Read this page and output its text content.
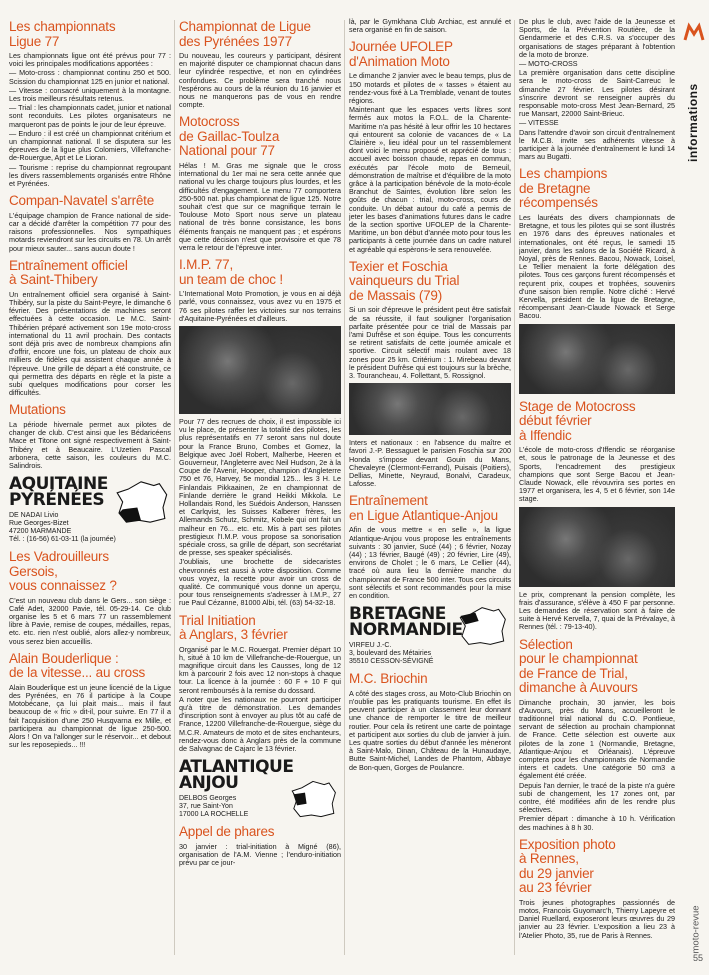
Les championnats
Ligue 77

Les championnats ligue ont été prévus pour 77 : voici les principales modifications apportées :

— Moto-cross : championnat continu 250 et 500. Scission du championnat 125 en junior et national.

— Vitesse : consacré uniquement à la montagne. Les trois meilleurs résultats retenus.

— Trial : les championnats cadet, junior et national sont reconduits. Les pilotes organisateurs ne marqueront pas de points le jour de leur épreuve.

— Enduro : il est créé un championnat critérium et un championnat national. Il se disputera sur les épreuves de la ligue plus Colomiers, Villefranche-de-Rouergue, Apt et Le Lioran.

— Tourisme : reprise du championnat regroupant les divers rassemblements organisés entre Rhône et Pyrénées.

Compan-Navatel s'arrête

L'équipage champion de France national de side-car a décidé d'arrêter la compétition 77 pour des raisons professionnelles. Nos sympathiques motards reviendront sur les circuits en 78. Un arrêt pour mieux sauter... sans aucun doute !

Entraînement officiel
à Saint-Thibery

Un entraînement officiel sera organisé à Saint-Thibéry, sur la piste du Saint-Peyre, le dimanche 6 février. Des présentations de machines seront effectuées à cette occasion. Le M.C. Saint-Thibérien préparé activement son 19e moto-cross international du 11 avril prochain. Des contacts sont déjà pris avec de nombreux champions afin d'offrir, encore une fois, un plateau de choix aux milliers de fidèles qui assistent chaque année à l'épreuve. Une grille de départ a été construite, ce qui permettra des départs en règle et la piste a subi quelques modifications pour corser les difficultés.

Mutations

La période hivernale permet aux pilotes de changer de club. C'est ainsi que les Bédaricéens Mace et Titone ont signé respectivement à Saint-Thibéry et à Beaucaire. L'Uzetien Pascal arbonera, cette saison, les couleurs du M.C. Salindrois.

AQUITAINE
PYRÉNÉES
DE NADAI Livio
Rue Georges-Bizet
47200 MARMANDE
Tél. : (16-56) 61-03-11 (la journée)
Les Vadrouilleurs
Gersois,
vous connaissez ?

C'est un nouveau club dans le Gers... son siège : Café Adet, 32000 Pavie, tél. 05-29-14. Ce club organise les 5 et 6 mars 77 un rassemblement libre à Pavie, remise de coupes, médailles, repas, etc. etc. rien n'est oublié, alors allez-y nombreux, vous serez bien accueillis.

Alain Bouderlique :
de la vitesse... au cross

Alain Bouderlique est un jeune licencié de la Ligue des Pyrénées, en 76 il participe à la Coupe Motobécane, ça lui plait mais... mais il faut beaucoup de « fric » dit-il, pour suivre. En 77 il a fait l'acquisition d'une 250 Husqvarna ex Mille, et participera au championnat de ligue 250-500. Alors ! On va l'allonger sur le réservoir... et debout sur les reposepieds... !!!

Championnat de Ligue
des Pyrénées 1977

Du nouveau, les coureurs y participant, désirent en majorité disputer ce championnat chacun dans leur cylindrée respective, et non en cylindrées confondues. Ce problème sera tranché nous l'espérons au cours de la réunion du 16 janvier et nous ne manquerons pas de vous en rendre compte.

Motocross
de Gaillac-Toulza
National pour 77

Hélas ! M. Gras me signale que le cross international du 1er mai ne sera cette année que national vu les charge toujours plus lourdes, et les difficultés d'engagement. Le menu 77 comportera 250-500 nat. plus championnat de ligue 125. Notre souhait c'est que sur ce magnifique terrain le Toulouse Moto Sport nous serve un plateau national de très bonne consistance, les bons éléments français ne manquent pas ; et espérons que cette décision n'est que provisoire et que 78 verra le retour de l'épreuve inter.

I.M.P. 77,
un team de choc !

L'International Moto Promotion, je vous en ai déjà parlé, vous connaissez, vous avez vu en 1975 et 76 ses pilotes raffer les victoires sur nos terrains d'Aquitaine-Pyrénées et d'ailleurs.

Pour 77 des recrues de choix, il est impossible ici vu le place, de présenter la totalité des pilotes, les plus représentatifs en 77 seront sans nul doute pour la France Bruno, Combes et Gomez, la Belgique avec Joël Robert, Malherbe, Heeren et Gouverneur, l'Angleterre avec Neil Hudson, 2e à la Coupe de l'Avenir, Hooper, champion d'Angleterre 750 et 76, Harvey, 5e mondial 125... les 3 H. Le Finlandais Pikkaainen, 2e en championnat de Finlande derrière le grand Heikki Mikkola. Le Hollandais Rond, les Suédois Anderson, Hanssen et Carlqvist, les Suisses Kalberer frères, les Allemands Schutz, Schmitz, Kobele qui ont fait un malheur en 76... etc. etc. Mis à part ses pilotes prestigieux l'I.M.P. vous propose sa sonorisation spéciale cross, sa grille de départ, son secrétariat de presse, ses speaker spécialisés.

J'oubliais, une brochette de sidecaristes chevronnés est aussi à votre disposition. Comme vous voyez, la recette pour avoir un cross de qualité. Ce communiqué vous donne un aperçu, pour tous renseignements s'adresser à I.M.P., 27 rue Paul Cézanne, 81000 Albi, tél. (63) 54-32-18.

Trial Initiation
à Anglars, 3 février

Organisé par le M.C. Rouergat. Premier départ 10 h, situé à 10 km de Villefranche-de-Rouergue, un magnifique circuit dans les Causses, long de 12 km à parcourir 2 fois avec 12 non-stops à chaque tour. La licence à la journée : 60 F + 10 F qui seront remboursés à la remise du dossard.

A noter que les nationaux ne pourront participer qu'à titre de démonstration. Les demandes d'inscription sont à envoyer au plus tôt au café de France, 12200 Villefranche-de-Rouergue, siège du M.C.R. Amateurs de moto et de sites enchanteurs, rendez-vous donc à Anglars près de la commune de Salvagnac de Cajarc le 13 février.

ATLANTIQUE
ANJOU
DELBOS Georges
37, rue Saint-Yon
17000 LA ROCHELLE
Appel de phares

30 janvier : trial-initiation à Migné (86), organisation de l'A.M. Vienne ; l'enduro-initiation prévu par ce jour-

là, par le Gymkhana Club Archiac, est annulé et sera organisé en fin de saison.

Journée UFOLEP
d'Animation Moto

Le dimanche 2 janvier avec le beau temps, plus de 150 motards et pilotes de « tasses » étaient au rendez-vous fixé à La Tremblade, venant de toutes régions.

Maintenant que les espaces verts libres sont fermés aux motos la F.O.L. de la Charente-Maritime n'a pas hésité à leur offrir les 10 hectares qui entourent sa colonie de vacances de « La Clairière », lieu idéal pour un tel rassemblement dont voici le menu proposé et apprécié de tous : accueil avec boisson chaude, repas en commun, exécutés par l'école moto de Berneuil, démonstration de maîtrise et d'équilibre de la moto grâce à la participation bénévole de la moto-école Branchut de Saintes, évolution libre selon les goûts de chacun : trial, moto-cross, cours de conduite. Un débat autour du café a permis de jeter les bases d'animations futures dans le cadre de la section sportive UFOLEP de la Charente-Maritime, un bon début d'année moto pour tous les participants à cette journée dans un cadre naturel et agréable qui espèrons-le sera renouvelée.

Texier et Foschia
vainqueurs du Trial
de Massais (79)

Si un soir d'épreuve le président peut être satisfait de sa réussite, il faut souligner l'organisation parfaite présentée pour ce trial de Massais par l'ami Dufrêse et son équipe. Tous les concurrents se retirent satisfaits de cette journée amicale et sportive. Circuit sélectif mais roulant avec 18 zones pour 25 km. Critérium : 1. Mirebeau devant le président Dufrêse qui est toujours sur la brèche, 3. Tourancheau, 4. Follettant, 5. Rossignol.

Inters et nationaux : en l'absence du maître et favori J.-P. Bessaguet le parisien Foschia sur 200 Honda s'impose devant Gouin du Mans, Chevaleyre (Clermont-Ferrand), Puisais (Poitiers), Dellias, Minette, Neyraud, Bonalvi, Caradeux, Lafosse.

Entraînement
en Ligue Atlantique-Anjou

Afin de vous mettre « en selle », la ligue Atlantique-Anjou vous propose les entraînements suivants : 30 janvier, Sucé (44) ; 6 février, Nozay (44) ; 13 février, Baugé (49) ; 20 février, Lire (49), environs de Cholet ; le 6 mars, Le Cellier (44), tracé où aura lieu la dernière manche du championnat de France 500 inter. Tous ces circuits sont sélectifs et sont recommandés pour la mise en condition.

BRETAGNE
NORMANDIE
VIRFEU J.-C.
3, boulevard des Métairies
35510 CESSON-SÉVIGNÉ
M.C. Briochin

A côté des stages cross, au Moto-Club Briochin on n'oublie pas les pratiquants tourisme. En effet ils peuvent participer à un classement leur donnant une chance de remporter le titre de meilleur routier. Pour cela ils retirent une carte de pointage et participent aux sorties du club de janvier à juin. Les quatre sorties du début d'année les mèneront à Saint-Malo, Dinan, Château de la Hunaudaye, Butte Saint-Michel, Landes de Phantom, Abbaye de Bon-quen, Gorges de Poulancre.

De plus le club, avec l'aide de la Jeunesse et Sports, de la Prévention Routière, de la Gendarmerie et des C.R.S. va s'occuper des organisations de stages préparant à l'obtention de la moto de bronze.

— MOTO-CROSS

La première organisation dans cette discipline sera le moto-cross de Saint-Carreuc le dimanche 27 février. Les pilotes désirant s'inscrire devront se renseigner auprès du responsable moto-cross Mest Jean-Bernard, 25 rue Mansart, 22000 Saint-Brieuc.

— VITESSE

Dans l'attendre d'avoir son circuit d'entraînement le M.C.B. invite ses adhérents vitesse à participer à la journée d'entraînement le lundi 14 mars au Bugatti.

Les champions
de Bretagne
récompensés

Les lauréats des divers championnats de Bretagne, et tous les pilotes qui se sont illustrés en 1976 dans des épreuves nationales et internationales, ont été reçus, le samedi 15 janvier, dans les salons de la Société Ricard, à Noyal, près de Rennes. Bacou, Nowack, Loisel, Le Tellier menaient la forte délégation des pilotes. Tous ces garçons furent récompensés et reçurent prix, coupes et trophées, souvenirs d'une saison bien remplie. Notre cliché : Hervé Kervella, président de la ligue de Bretagne, récompensant Jean-Claude Nowack et Serge Bacou.

Stage de Motocross
début février
à Iffendic

L'école de moto-cross d'Iffendic se réorganise et, sous le patronage de la Jeunesse et des Sports, l'encadrement des prestigieux champions que sont Serge Bacou et Jean-Claude Nowack, elle révouvrira ses portes en 1977 et organisera, les 4, 5 et 6 février, son 14e stage.

Le prix, comprenant la pension complète, les frais d'assurance, s'élève à 450 F par personne. Les demandes de réservation sont à faire de suite à Hervé Kervella, 7, quai de la Prévalaye, à Rennes (tél. : 79-13-40).

Sélection
pour le championnat
de France de Trial,
dimanche à Auvours

Dimanche prochain, 30 janvier, les bois d'Auvours, près du Mans, accueilleront le traditionnel trial national du C.O. Pontlieue, servant de sélection au prochain championnat de France. Cette sélection est ouverte aux pilotes de la zone 1 (Normandie, Bretagne, Atlantique-Anjou et Orléanais). L'épreuve comptera pour les championnats de Normandie inters et cadets. Une catégorie 50 cm3 a également été créée.

Depuis l'an dernier, le tracé de la piste n'a guère subi de changement, les 17 zones ont, par contre, été modifiées afin de les rendre plus sélectives.

Premier départ : dimanche à 10 h. Vérification des machines à 8 h 30.

Exposition photo
à Rennes,
du 29 janvier
au 23 février

Trois jeunes photographes passionnés de motos, Francois Guyomarc'h, Thierry Lapeyre et Daniel Ruellard, exposeront leurs œuvres du 29 janvier au 23 février. L'exposition a lieu 23 à l'Atelier Photo, 35, rue de Paris à Rennes.

informations
moto-revue
55
